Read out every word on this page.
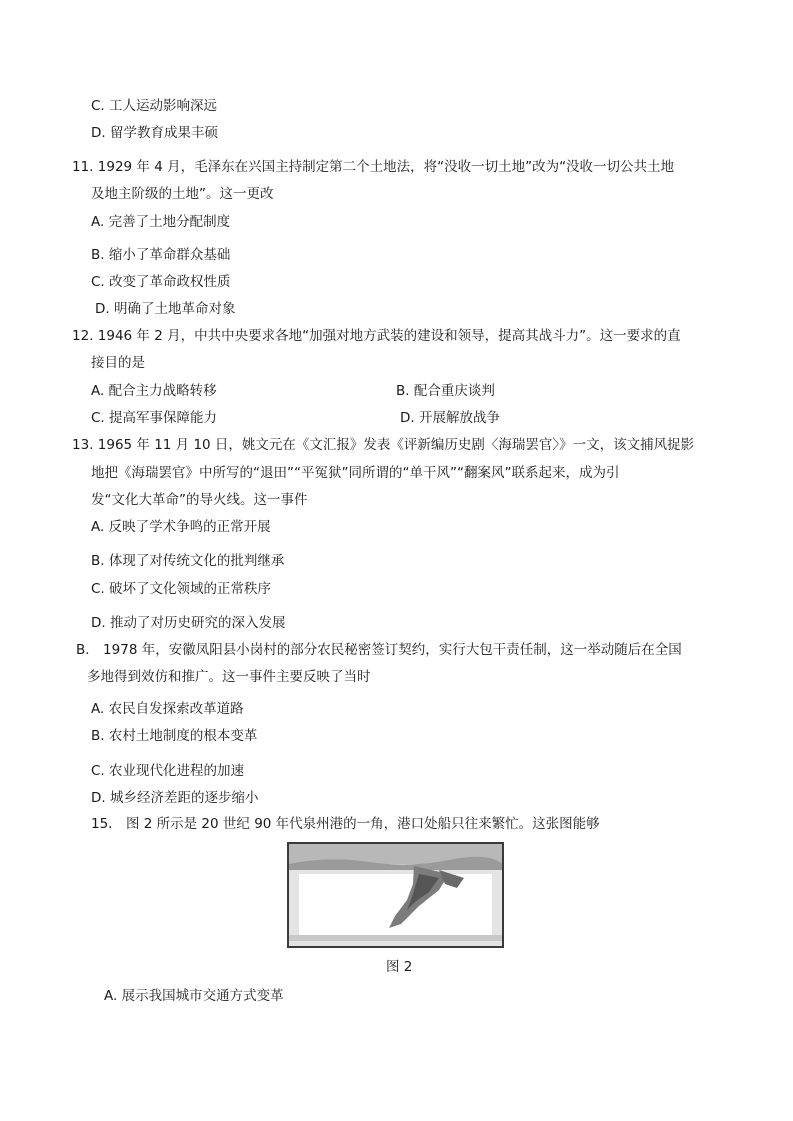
C. 工人运动影响深远
D. 留学教育成果丰硕
11. 1929 年 4 月，毛泽东在兴国主持制定第二个土地法，将“没收一切土地”改为“没收一切公共土地
及地主阶级的土地”。这一更改
A. 完善了土地分配制度
B. 缩小了革命群众基础
C. 改变了革命政权性质
D. 明确了土地革命对象
12. 1946 年 2 月，中共中央要求各地“加强对地方武装的建设和领导，提高其战斗力”。这一要求的直
接目的是
A. 配合主力战略转移	B. 配合重庆谈判
C. 提高军事保障能力	D. 开展解放战争
13. 1965 年 11 月 10 日，姚文元在《文汇报》发表《评新编历史剧〈海瑞罢官〉》一文，该文捕风捉影
地把《海瑞罢官》中所写的“退田”“平冤狱”同所谓的“单干风”“翻案风”联系起来，成为引
发“文化大革命”的导火线。这一事件
A. 反映了学术争鸣的正常开展
B. 体现了对传统文化的批判继承
C. 破坏了文化领域的正常秩序
D. 推动了对历史研究的深入发展
B． 1978 年，安徽凤阳县小岗村的部分农民秘密签订契约，实行大包干责任制，这一举动随后在全国
多地得到效仿和推广。这一事件主要反映了当时
A. 农民自发探索改革道路
B. 农村土地制度的根本变革
C. 农业现代化进程的加速
D. 城乡经济差距的逐步缩小
15． 图 2 所示是 20 世纪 90 年代泉州港的一角，港口处船只往来繁忙。这张图能够
图 2
A. 展示我国城市交通方式变革
